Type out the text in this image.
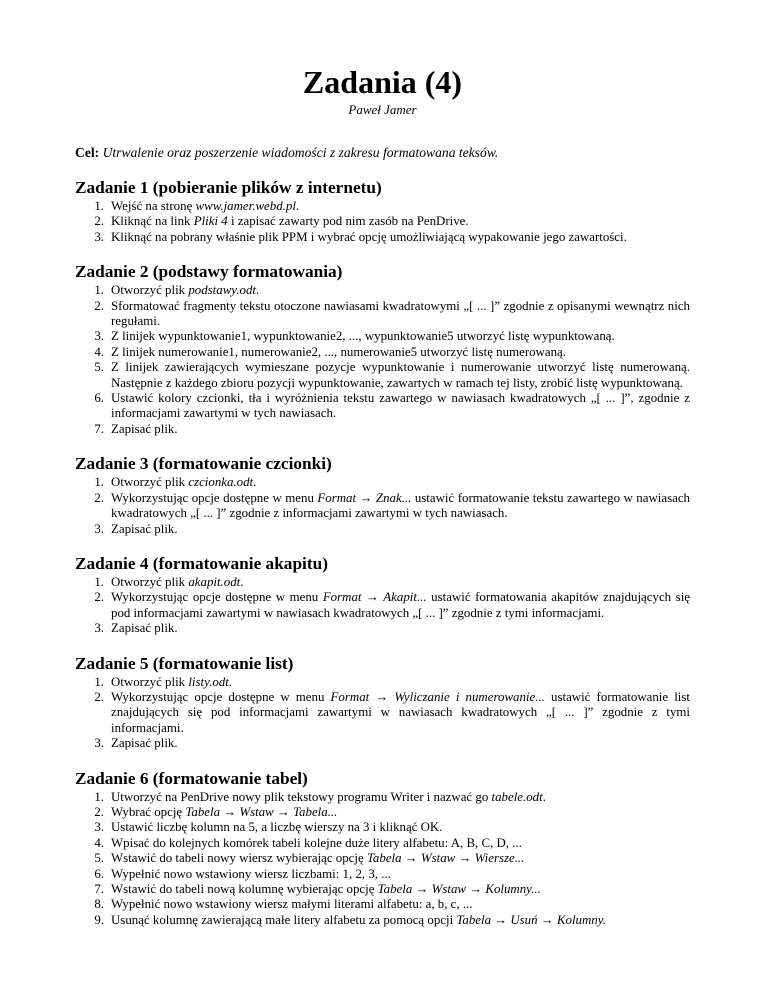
Zadania (4)

Paweł Jamer

Cel: Utrwalenie oraz poszerzenie wiadomości z zakresu formatowana teksów.

Zadanie 1 (pobieranie plików z internetu)
1. Wejść na stronę www.jamer.webd.pl.
2. Kliknąć na link Pliki 4 i zapisać zawarty pod nim zasób na PenDrive.
3. Kliknąć na pobrany właśnie plik PPM i wybrać opcję umożliwiającą wypakowanie jego zawartości.
Zadanie 2 (podstawy formatowania)
1. Otworzyć plik podstawy.odt.
2. Sformatować fragmenty tekstu otoczone nawiasami kwadratowymi „[ ... ]” zgodnie z opisanymi wewnątrz nich regułami.
3. Z linijek wypunktowanie1, wypunktowanie2, ..., wypunktowanie5 utworzyć listę wypunktowaną.
4. Z linijek numerowanie1, numerowanie2, ..., numerowanie5 utworzyć listę numerowaną.
5. Z linijek zawierających wymieszane pozycje wypunktowanie i numerowanie utworzyć listę numerowaną. Następnie z każdego zbioru pozycji wypunktowanie, zawartych w ramach tej listy, zrobić listę wypunktowaną.
6. Ustawić kolory czcionki, tła i wyróżnienia tekstu zawartego w nawiasach kwadratowych „[ ... ]”, zgodnie z informacjami zawartymi w tych nawiasach.
7. Zapisać plik.
Zadanie 3 (formatowanie czcionki)
1. Otworzyć plik czcionka.odt.
2. Wykorzystując opcje dostępne w menu Format → Znak... ustawić formatowanie tekstu zawartego w nawiasach kwadratowych „[ ... ]” zgodnie z informacjami zawartymi w tych nawiasach.
3. Zapisać plik.
Zadanie 4 (formatowanie akapitu)
1. Otworzyć plik akapit.odt.
2. Wykorzystując opcje dostępne w menu Format → Akapit... ustawić formatowania akapitów znajdujących się pod informacjami zawartymi w nawiasach kwadratowych „[ ... ]” zgodnie z tymi informacjami.
3. Zapisać plik.
Zadanie 5 (formatowanie list)
1. Otworzyć plik listy.odt.
2. Wykorzystując opcje dostępne w menu Format → Wyliczanie i numerowanie... ustawić formatowanie list znajdujących się pod informacjami zawartymi w nawiasach kwadratowych „[ ... ]” zgodnie z tymi informacjami.
3. Zapisać plik.
Zadanie 6 (formatowanie tabel)
1. Utworzyć na PenDrive nowy plik tekstowy programu Writer i nazwać go tabele.odt.
2. Wybrać opcję Tabela → Wstaw → Tabela...
3. Ustawić liczbę kolumn na 5, a liczbę wierszy na 3 i kliknąć OK.
4. Wpisać do kolejnych komórek tabeli kolejne duże litery alfabetu: A, B, C, D, ...
5. Wstawić do tabeli nowy wiersz wybierając opcję Tabela → Wstaw → Wiersze...
6. Wypełnić nowo wstawiony wiersz liczbami: 1, 2, 3, ...
7. Wstawić do tabeli nową kolumnę wybierając opcję Tabela → Wstaw → Kolumny...
8. Wypełnić nowo wstawiony wiersz małymi literami alfabetu: a, b, c, ...
9. Usunąć kolumnę zawierającą małe litery alfabetu za pomocą opcji Tabela → Usuń → Kolumny.
